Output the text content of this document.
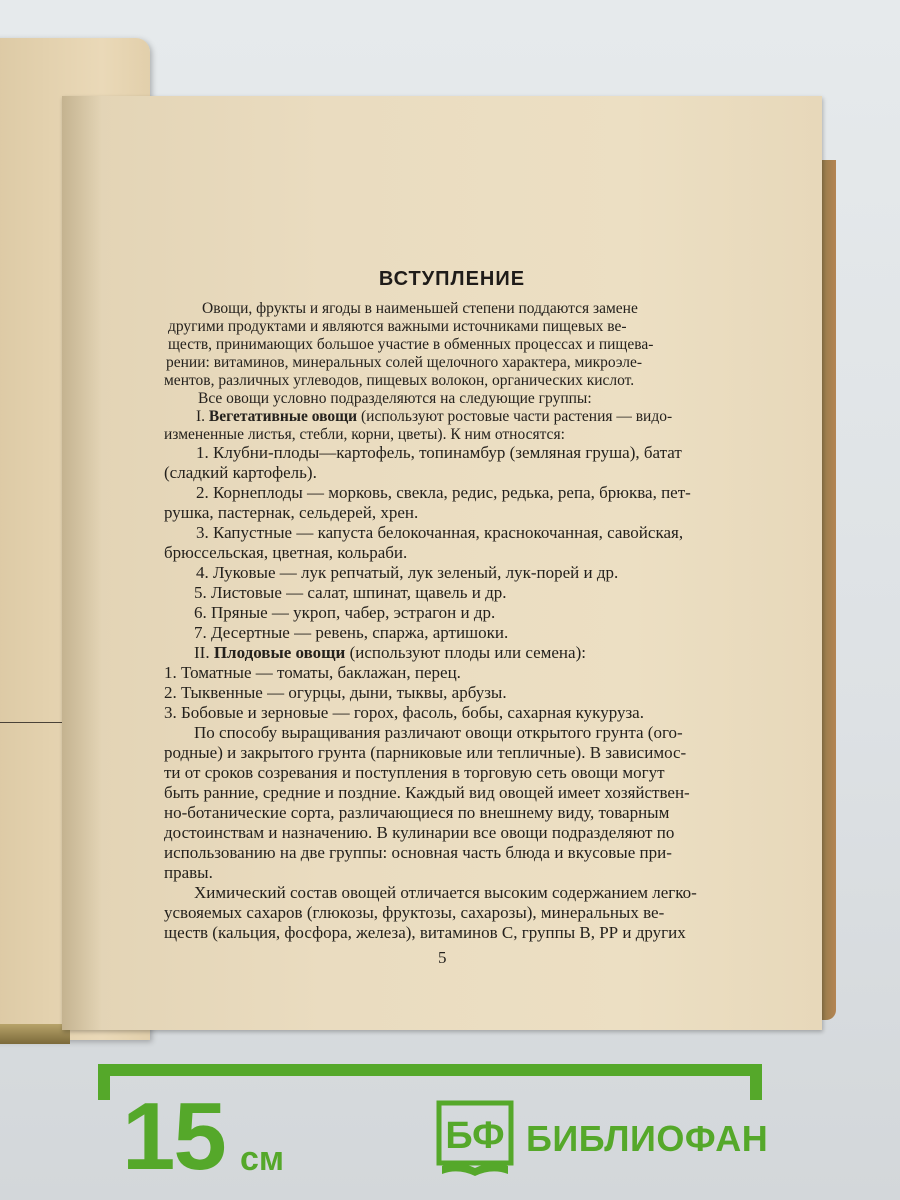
ВСТУПЛЕНИЕ
Овощи, фрукты и ягоды в наименьшей степени поддаются замене
другими продуктами и являются важными источниками пищевых ве-
ществ, принимающих большое участие в обменных процессах и пищева-
рении: витаминов, минеральных солей щелочного характера, микроэле-
ментов, различных углеводов, пищевых волокон, органических кислот.
Все овощи условно подразделяются на следующие группы:
I. Вегетативные овощи (используют ростовые части растения — видо-
измененные листья, стебли, корни, цветы). К ним относятся:
1. Клубни-плоды—картофель, топинамбур (земляная груша), батат
(сладкий картофель).
2. Корнеплоды — морковь, свекла, редис, редька, репа, брюква, пет-
рушка, пастернак, сельдерей, хрен.
3. Капустные — капуста белокочанная, краснокочанная, савойская,
брюссельская, цветная, кольраби.
4. Луковые — лук репчатый, лук зеленый, лук-порей и др.
5. Листовые — салат, шпинат, щавель и др.
6. Пряные — укроп, чабер, эстрагон и др.
7. Десертные — ревень, спаржа, артишоки.
II. Плодовые овощи (используют плоды или семена):
1. Томатные — томаты, баклажан, перец.
2. Тыквенные — огурцы, дыни, тыквы, арбузы.
3. Бобовые и зерновые — горох, фасоль, бобы, сахарная кукуруза.
По способу выращивания различают овощи открытого грунта (ого-
родные) и закрытого грунта (парниковые или тепличные). В зависимос-
ти от сроков созревания и поступления в торговую сеть овощи могут
быть ранние, средние и поздние. Каждый вид овощей имеет хозяйствен-
но-ботанические сорта, различающиеся по внешнему виду, товарным
достоинствам и назначению. В кулинарии все овощи подразделяют по
использованию на две группы: основная часть блюда и вкусовые при-
правы.
Химический состав овощей отличается высоким содержанием легко-
усвояемых сахаров (глюкозы, фруктозы, сахарозы), минеральных ве-
ществ (кальция, фосфора, железа), витаминов С, группы В, РР и других
5
15 см
БФ БИБЛИОФАН
